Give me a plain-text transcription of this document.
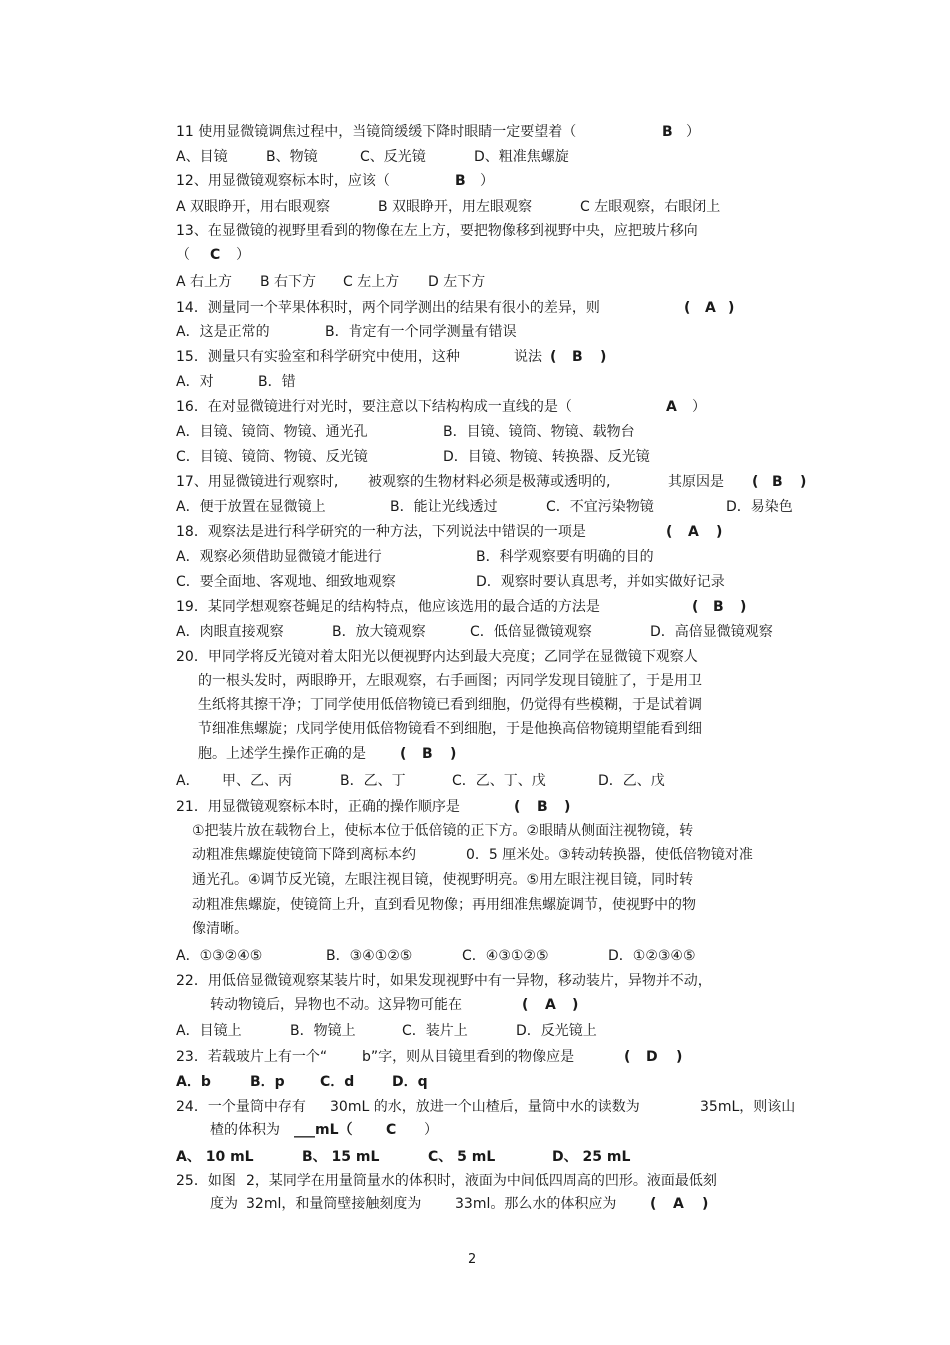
11 使用显微镜调焦过程中，当镜筒缓缓下降时眼睛一定要望着（	B ）
A、目镜	B、物镜	C、反光镜	D、粗准焦螺旋
12、用显微镜观察标本时，应该（	B ）
A 双眼睁开，用右眼观察	B 双眼睁开，用左眼观察	C 左眼观察，右眼闭上
13、在显微镜的视野里看到的物像在左上方，要把物像移到视野中央，应把玻片移向
（ C ）
A 右上方 B 右下方 C 左上方 D 左下方
14．测量同一个苹果体积时，两个同学测出的结果有很小的差异，则	( A )
A．这是正常的	B．肯定有一个同学测量有错误
15．测量只有实验室和科学研究中使用，这种	说法 ( B )
A．对	B．错
16．在对显微镜进行对光时，要注意以下结构构成一直线的是（	A ）
A．目镜、镜筒、物镜、通光孔	B．目镜、镜筒、物镜、载物台
C．目镜、镜筒、物镜、反光镜	D．目镜、物镜、转换器、反光镜
17、用显微镜进行观察时, 被观察的生物材料必须是极薄或透明的,	其原因是 ( B )
A．便于放置在显微镜上	B．能让光线透过	C．不宜污染物镜	D．易染色
18．观察法是进行科学研究的一种方法，下列说法中错误的一项是	( A )
A．观察必须借助显微镜才能进行	B．科学观察要有明确的目的
C．要全面地、客观地、细致地观察	D．观察时要认真思考，并如实做好记录
19．某同学想观察苍蝇足的结构特点，他应该选用的最合适的方法是	( B )
A．肉眼直接观察	B．放大镜观察	C．低倍显微镜观察	D．高倍显微镜观察
20．甲同学将反光镜对着太阳光以便视野内达到最大亮度；乙同学在显微镜下观察人
的一根头发时，两眼睁开，左眼观察，右手画图；丙同学发现目镜脏了，于是用卫
生纸将其擦干净；丁同学使用低倍物镜已看到细胞，仍觉得有些模糊，于是试着调
节细准焦螺旋；戊同学使用低倍物镜看不到细胞，于是他换高倍物镜期望能看到细
胞。上述学生操作正确的是 ( B )
A． 甲、乙、丙	B．乙、丁	C．乙、丁、戊	D．乙、戊
21．用显微镜观察标本时，正确的操作顺序是	( B )
①把装片放在载物台上，使标本位于低倍镜的正下方。②眼睛从侧面注视物镜，转
动粗准焦螺旋使镜筒下降到离标本约	0．5 厘米处。③转动转换器，使低倍物镜对准
通光孔。④调节反光镜，左眼注视目镜，使视野明亮。⑤用左眼注视目镜，同时转
动粗准焦螺旋，使镜筒上升，直到看见物像；再用细准焦螺旋调节，使视野中的物
像清晰。
A．①③②④⑤	B．③④①②⑤	C．④③①②⑤	D．①②③④⑤
22．用低倍显微镜观察某装片时，如果发现视野中有一异物，移动装片，异物并不动，
转动物镜后，异物也不动。这异物可能在	( A )
A．目镜上	B．物镜上	C．装片上	D．反光镜上
23．若载玻片上有一个“ b”字，则从目镜里看到的物像应是	( D )
A．b	B．p	C．d	D．q
24．一个量筒中存有 30mL 的水，放进一个山楂后，量筒中水的读数为	35mL，则该山
楂的体积为 ___mL（ C ）
A、 10 mL	B、 15 mL	C、 5 mL	D、 25 mL
25．如图 2，某同学在用量筒量水的体积时，液面为中间低四周高的凹形。液面最低刻
度为 32ml，和量筒壁接触刻度为 33ml。那么水的体积应为 ( A )
2
